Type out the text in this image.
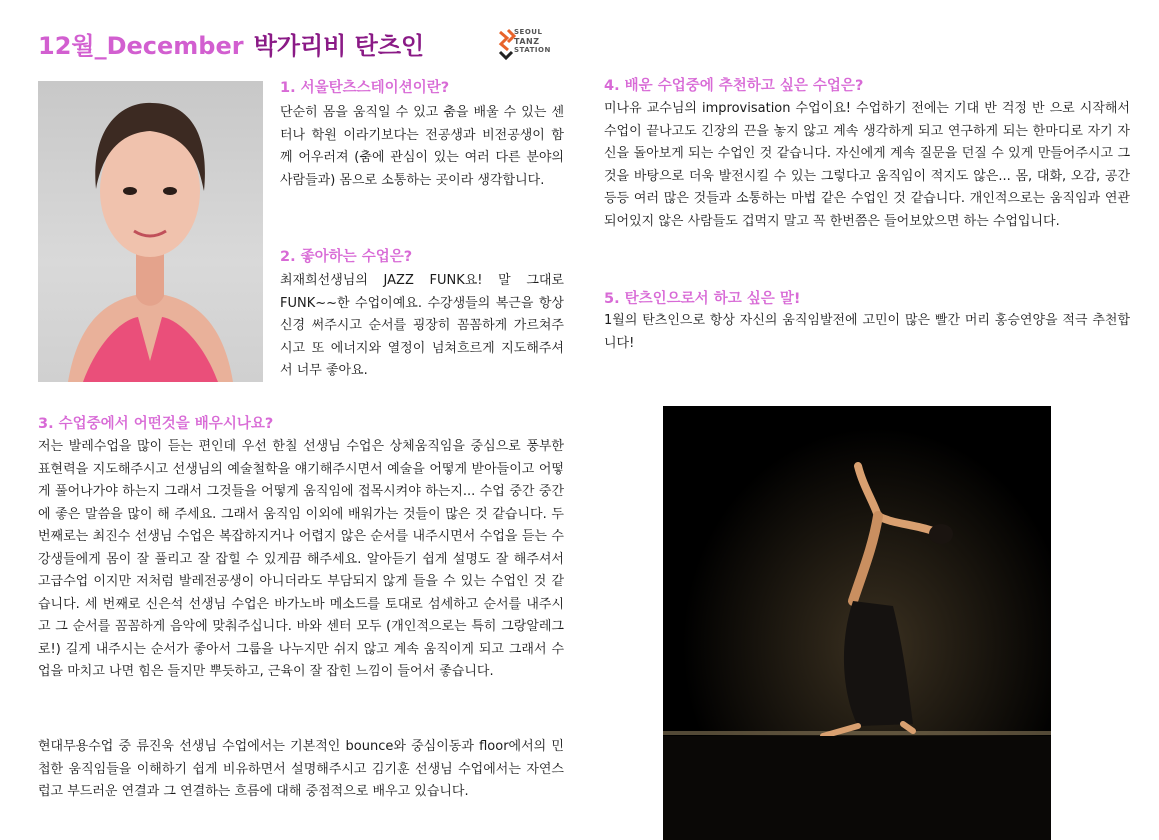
12월_December 박가리비 탄츠인	SEOUL
TANZ
STATION
1. 서울탄츠스테이션이란?
단순히 몸을 움직일 수 있고 춤을 배울 수 있는 센터나 학원 이라기보다는 전공생과 비전공생이 함께 어우러져 (춤에 관심이 있는 여러 다른 분야의 사람들과) 몸으로 소통하는 곳이라 생각합니다.
2. 좋아하는 수업은?
최재희선생님의 JAZZ FUNK요! 말 그대로 FUNK~~한 수업이예요. 수강생들의 복근을 항상 신경 써주시고 순서를 굉장히 꼼꼼하게 가르쳐주시고 또 에너지와 열정이 넘쳐흐르게 지도해주셔서 너무 좋아요.
3. 수업중에서 어떤것을 배우시나요?
저는 발레수업을 많이 듣는 편인데 우선 한칠 선생님 수업은 상체움직임을 중심으로 풍부한 표현력을 지도해주시고 선생님의 예술철학을 얘기해주시면서 예술을 어떻게 받아들이고 어떻게 풀어나가야 하는지 그래서 그것들을 어떻게 움직임에 접목시켜야 하는지... 수업 중간 중간에 좋은 말씀을 많이 해 주세요. 그래서 움직임 이외에 배워가는 것들이 많은 것 같습니다. 두 번째로는 최진수 선생님 수업은 복잡하지거나 어렵지 않은 순서를 내주시면서 수업을 듣는 수강생들에게 몸이 잘 풀리고 잘 잡힐 수 있게끔 해주세요. 알아듣기 쉽게 설명도 잘 해주셔서 고급수업 이지만 저처럼 발레전공생이 아니더라도 부담되지 않게 들을 수 있는 수업인 것 같습니다. 세 번째로 신은석 선생님 수업은 바가노바 메소드를 토대로 섬세하고 순서를 내주시고 그 순서를 꼼꼼하게 음악에 맞춰주십니다. 바와 센터 모두 (개인적으로는 특히 그랑알레그로!) 길게 내주시는 순서가 좋아서 그룹을 나누지만 쉬지 않고 계속 움직이게 되고 그래서 수업을 마치고 나면 힘은 들지만 뿌듯하고, 근육이 잘 잡힌 느낌이 들어서 좋습니다.
현대무용수업 중 류진욱 선생님 수업에서는 기본적인 bounce와 중심이동과 floor에서의 민첩한 움직임들을 이해하기 쉽게 비유하면서 설명해주시고 김기훈 선생님 수업에서는 자연스럽고 부드러운 연결과 그 연결하는 흐름에 대해 중점적으로 배우고 있습니다.
4. 배운 수업중에 추천하고 싶은 수업은?
미나유 교수님의 improvisation 수업이요! 수업하기 전에는 기대 반 걱정 반 으로 시작해서 수업이 끝나고도 긴장의 끈을 놓지 않고 계속 생각하게 되고 연구하게 되는 한마디로 자기 자신을 돌아보게 되는 수업인 것 같습니다. 자신에게 계속 질문을 던질 수 있게 만들어주시고 그것을 바탕으로 더욱 발전시킬 수 있는 그렇다고 움직임이 적지도 않은... 몸, 대화, 오감, 공간 등등 여러 많은 것들과 소통하는 마법 같은 수업인 것 같습니다. 개인적으로는 움직임과 연관되어있지 않은 사람들도 겁먹지 말고 꼭 한번쯤은 들어보았으면 하는 수업입니다.
5. 탄츠인으로서 하고 싶은 말!
1월의 탄츠인으로 항상 자신의 움직임발전에 고민이 많은 빨간 머리 홍승연양을 적극 추천합니다!
